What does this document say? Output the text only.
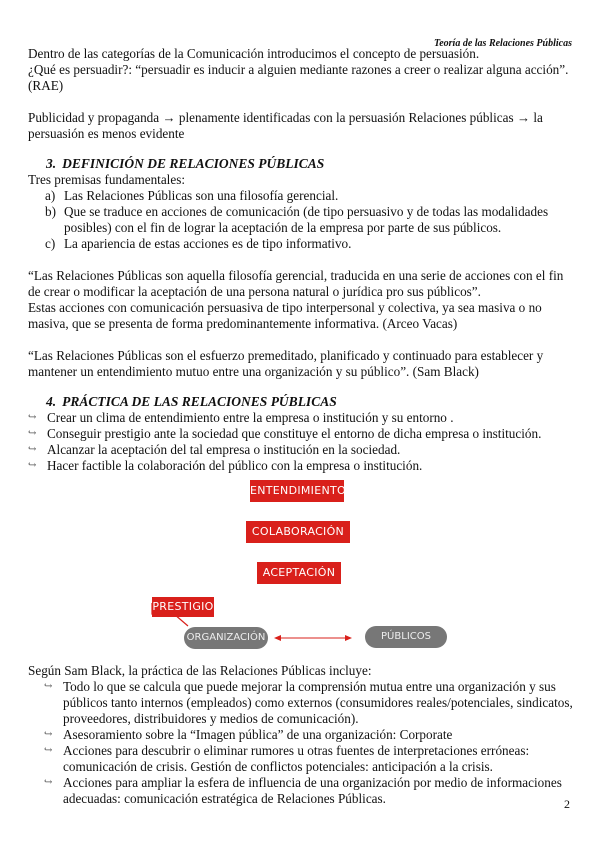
Teoría de las Relaciones Públicas

Dentro de las categorías de la Comunicación introducimos el concepto de persuasión.

¿Qué es persuadir?: “persuadir es inducir a alguien mediante razones a creer o realizar alguna acción”. (RAE)

Publicidad y propaganda → plenamente identificadas con la persuasión Relaciones públicas → la persuasión es menos evidente

3. DEFINICIÓN DE RELACIONES PÚBLICAS

Tres premisas fundamentales:

a) Las Relaciones Públicas son una filosofía gerencial.
b) Que se traduce en acciones de comunicación (de tipo persuasivo y de todas las modalidades posibles) con el fin de lograr la aceptación de la empresa por parte de sus públicos.
c) La apariencia de estas acciones es de tipo informativo.

“Las Relaciones Públicas son aquella filosofía gerencial, traducida en una serie de acciones con el fin de crear o modificar la aceptación de una persona natural o jurídica pro sus públicos”.

Estas acciones con comunicación persuasiva de tipo interpersonal y colectiva, ya sea masiva o no masiva, que se presenta de forma predominantemente informativa. (Arceo Vacas)

“Las Relaciones Públicas son el esfuerzo premeditado, planificado y continuado para establecer y mantener un entendimiento mutuo entre una organización y su público”. (Sam Black)

4. PRÁCTICA DE LAS RELACIONES PÚBLICAS
↪ Crear un clima de entendimiento entre la empresa o institución y su entorno .
↪ Conseguir prestigio ante la sociedad que constituye el entorno de dicha empresa o institución.
↪ Alcanzar la aceptación del tal empresa o institución en la sociedad.
↪ Hacer factible la colaboración del público con la empresa o institución.
ENTENDIMIENTO
COLABORACIÓN
ACEPTACIÓN
PRESTIGIO
ORGANIZACIÓN	PÚBLICOS

Según Sam Black, la práctica de las Relaciones Públicas incluye:

↪ Todo lo que se calcula que puede mejorar la comprensión mutua entre una organización y sus públicos tanto internos (empleados) como externos (consumidores reales/potenciales, sindicatos, proveedores, distribuidores y medios de comunicación).
↪ Asesoramiento sobre la “Imagen pública” de una organización: Corporate
↪ Acciones para descubrir o eliminar rumores u otras fuentes de interpretaciones erróneas: comunicación de crisis. Gestión de conflictos potenciales: anticipación a la crisis.
↪ Acciones para ampliar la esfera de influencia de una organización por medio de informaciones adecuadas: comunicación estratégica de Relaciones Públicas.	2
